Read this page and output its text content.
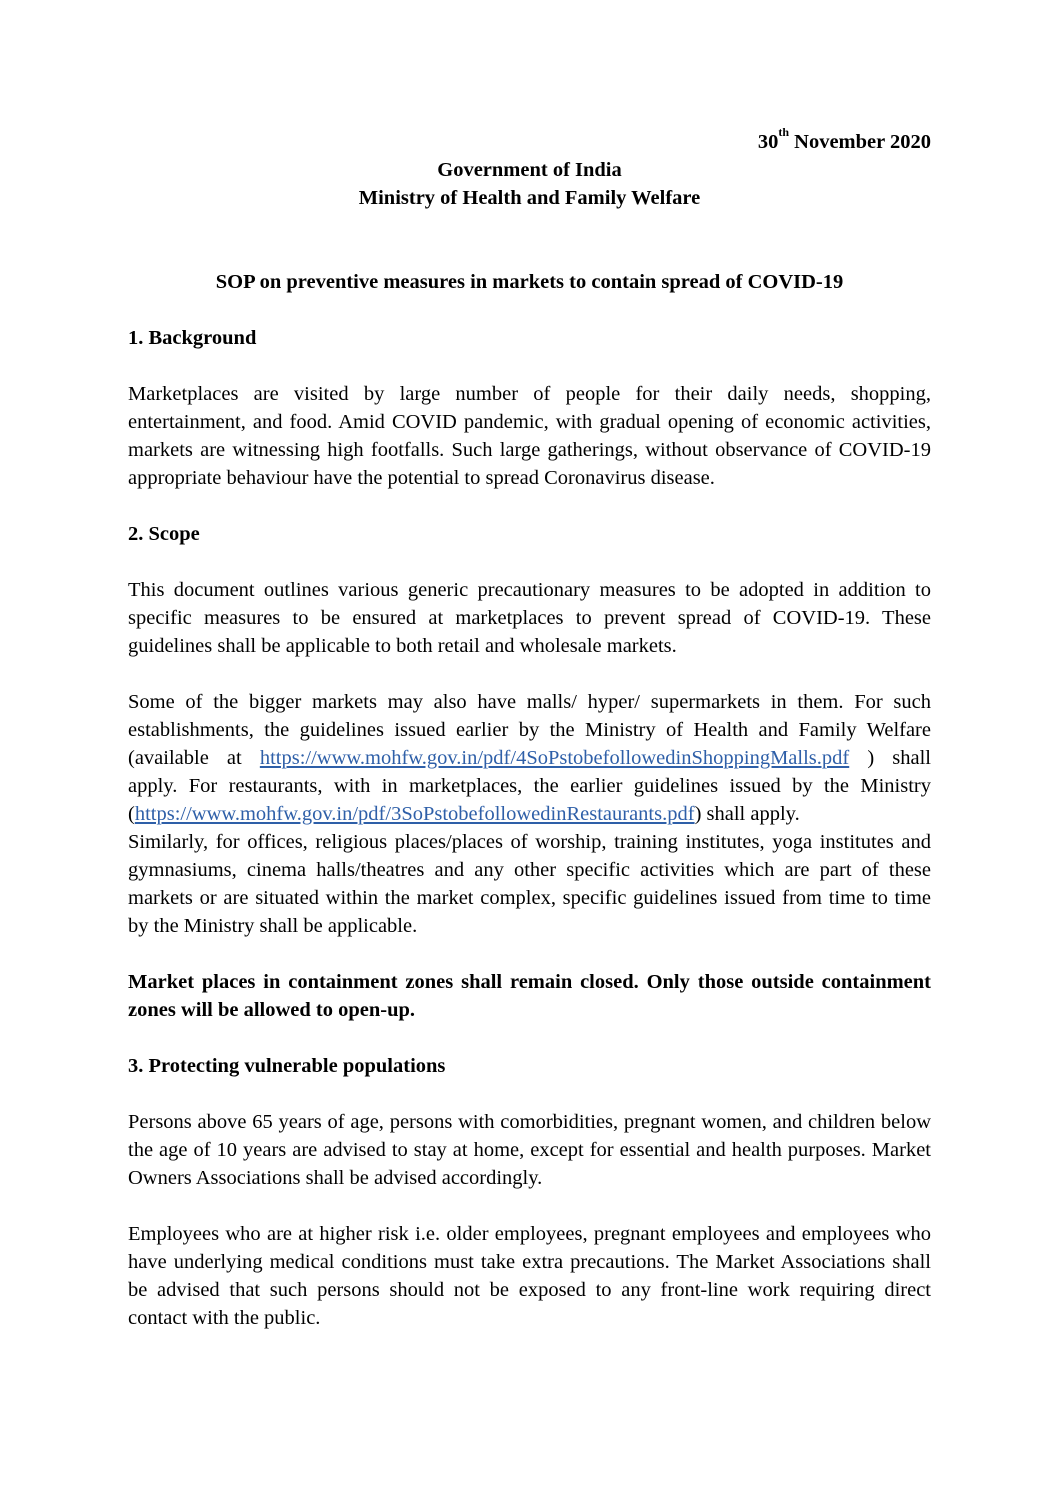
30th November 2020
Government of India
Ministry of Health and Family Welfare
SOP on preventive measures in markets to contain spread of COVID-19
1. Background

Marketplaces are visited by large number of people for their daily needs, shopping, entertainment, and food. Amid COVID pandemic, with gradual opening of economic activities, markets are witnessing high footfalls. Such large gatherings, without observance of COVID-19 appropriate behaviour have the potential to spread Coronavirus disease.

2. Scope

This document outlines various generic precautionary measures to be adopted in addition to specific measures to be ensured at marketplaces to prevent spread of COVID-19. These guidelines shall be applicable to both retail and wholesale markets.

Some of the bigger markets may also have malls/ hyper/ supermarkets in them. For such establishments, the guidelines issued earlier by the Ministry of Health and Family Welfare (available at https://www.mohfw.gov.in/pdf/4SoPstobefollowedinShoppingMalls.pdf ) shall apply. For restaurants, with in marketplaces, the earlier guidelines issued by the Ministry (https://www.mohfw.gov.in/pdf/3SoPstobefollowedinRestaurants.pdf) shall apply.

Similarly, for offices, religious places/places of worship, training institutes, yoga institutes and gymnasiums, cinema halls/theatres and any other specific activities which are part of these markets or are situated within the market complex, specific guidelines issued from time to time by the Ministry shall be applicable.

Market places in containment zones shall remain closed. Only those outside containment zones will be allowed to open-up.

3. Protecting vulnerable populations

Persons above 65 years of age, persons with comorbidities, pregnant women, and children below the age of 10 years are advised to stay at home, except for essential and health purposes. Market Owners Associations shall be advised accordingly.

Employees who are at higher risk i.e. older employees, pregnant employees and employees who have underlying medical conditions must take extra precautions. The Market Associations shall be advised that such persons should not be exposed to any front-line work requiring direct contact with the public.
